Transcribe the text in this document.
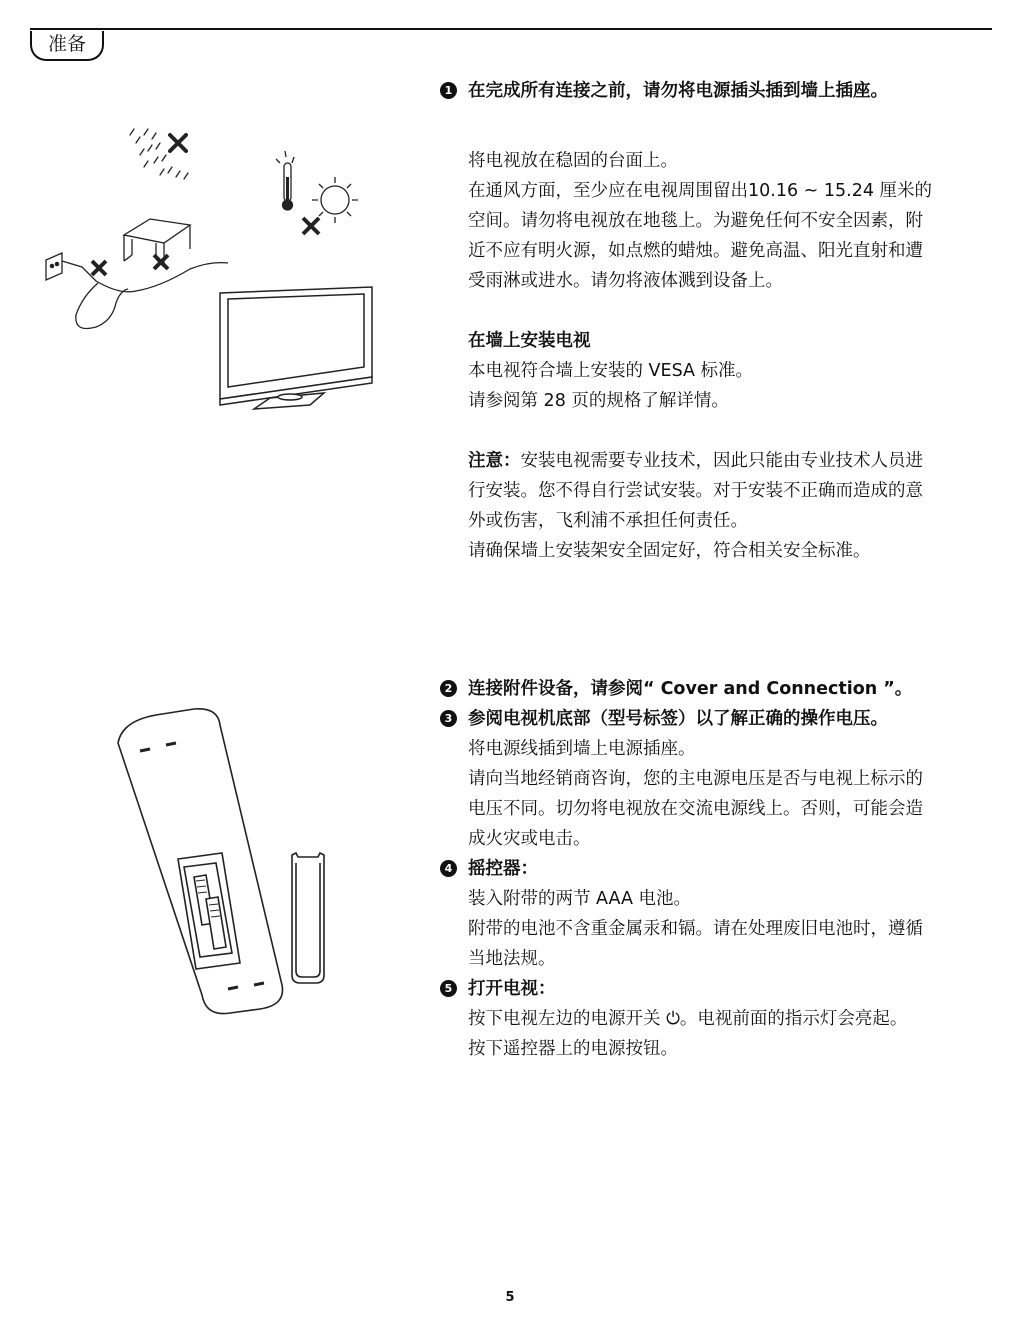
准备
1 在完成所有连接之前，请勿将电源插头插到墙上插座。
将电视放在稳固的台面上。
在通风方面，至少应在电视周围留出10.16 ~ 15.24 厘米的
空间。请勿将电视放在地毯上。为避免任何不安全因素，附
近不应有明火源，如点燃的蜡烛。避免高温、阳光直射和遭
受雨淋或进水。请勿将液体溅到设备上。
在墙上安装电视
本电视符合墙上安装的 VESA 标准。
请参阅第 28 页的规格了解详情。
注意：安装电视需要专业技术，因此只能由专业技术人员进
行安装。您不得自行尝试安装。对于安装不正确而造成的意
外或伤害，飞利浦不承担任何责任。
请确保墙上安装架安全固定好，符合相关安全标准。
2 连接附件设备，请参阅“ Cover and Connection ”。
3 参阅电视机底部（型号标签）以了解正确的操作电压。
将电源线插到墙上电源插座。
请向当地经销商咨询，您的主电源电压是否与电视上标示的
电压不同。切勿将电视放在交流电源线上。否则，可能会造
成火灾或电击。
4 摇控器：
装入附带的两节 AAA 电池。
附带的电池不含重金属汞和镉。请在处理废旧电池时，遵循
当地法规。
5 打开电视：
按下电视左边的电源开关 ⏻。电视前面的指示灯会亮起。
按下遥控器上的电源按钮。
5
